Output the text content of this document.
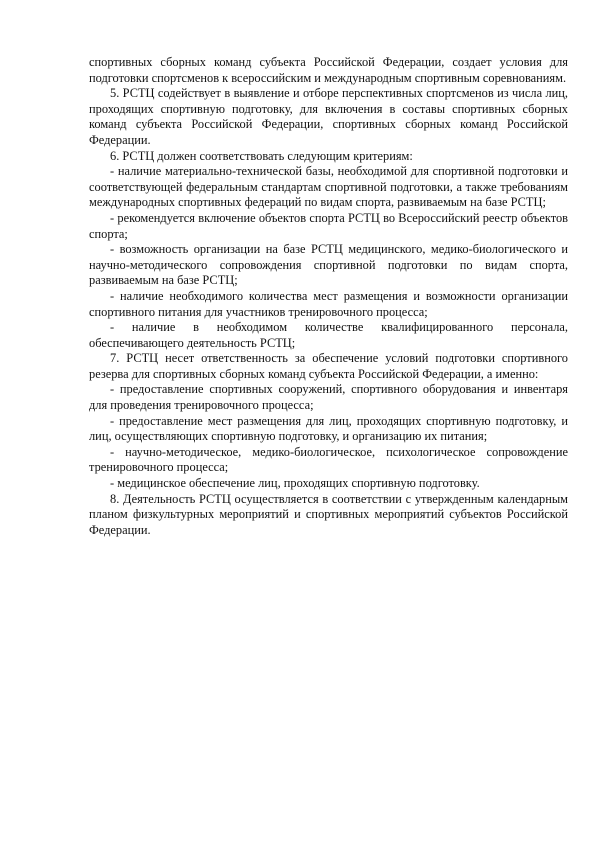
спортивных сборных команд субъекта Российской Федерации, создает условия для подготовки спортсменов к всероссийским и международным спортивным соревнованиям.

5. РСТЦ содействует в выявление и отборе перспективных спортсменов из числа лиц, проходящих спортивную подготовку, для включения в составы спортивных сборных команд субъекта Российской Федерации, спортивных сборных команд Российской Федерации.

6. РСТЦ должен соответствовать следующим критериям:

- наличие материально-технической базы, необходимой для спортивной подготовки и соответствующей федеральным стандартам спортивной подготовки, а также требованиям международных спортивных федераций по видам спорта, развиваемым на базе РСТЦ;

- рекомендуется включение объектов спорта РСТЦ во Всероссийский реестр объектов спорта;

- возможность организации на базе РСТЦ медицинского, медико-биологического и научно-методического сопровождения спортивной подготовки по видам спорта, развиваемым на базе РСТЦ;

- наличие необходимого количества мест размещения и возможности организации спортивного питания для участников тренировочного процесса;

- наличие в необходимом количестве квалифицированного персонала, обеспечивающего деятельность РСТЦ;

7. РСТЦ несет ответственность за обеспечение условий подготовки спортивного резерва для спортивных сборных команд субъекта Российской Федерации, а именно:

- предоставление спортивных сооружений, спортивного оборудования и инвентаря для проведения тренировочного процесса;

- предоставление мест размещения для лиц, проходящих спортивную подготовку, и лиц, осуществляющих спортивную подготовку, и организацию их питания;

- научно-методическое, медико-биологическое, психологическое сопровождение тренировочного процесса;

- медицинское обеспечение лиц, проходящих спортивную подготовку.

8. Деятельность РСТЦ осуществляется в соответствии с утвержденным календарным планом физкультурных мероприятий и спортивных мероприятий субъектов Российской Федерации.
